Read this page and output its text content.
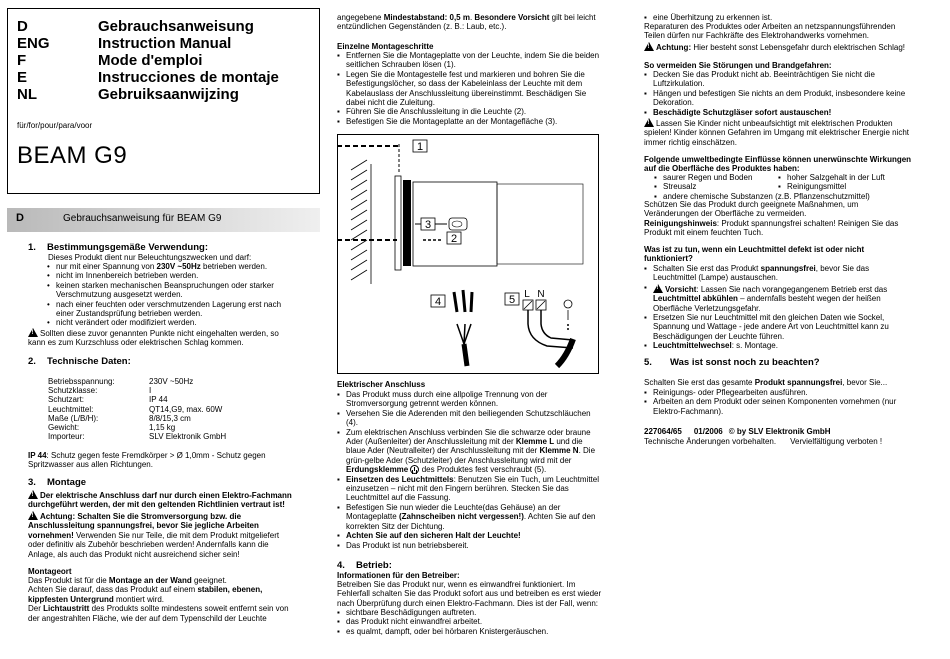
D	Gebrauchsanweisung
ENG	Instruction Manual
F	Mode d'emploi
E	Instrucciones de montaje
NL	Gebruiksaanwijzing
für/for/pour/para/voor
BEAM G9
D	Gebrauchsanweisung für BEAM G9
1. Bestimmungsgemäße Verwendung:
Dieses Produkt dient nur Beleuchtungszwecken und darf:
• nur mit einer Spannung von 230V ~50Hz betrieben werden.
• nicht im Innenbereich betrieben werden.
• keinen starken mechanischen Beanspruchungen oder starker
Verschmutzung ausgesetzt werden.
• nach einer feuchten oder verschmutzenden Lagerung erst nach
einer Zustandsprüfung betrieben werden.
• nicht verändert oder modifiziert werden.
!Sollten diese zuvor genannten Punkte nicht eingehalten werden, so
kann es zum Kurzschluss oder elektrischen Schlag kommen.
2. Technische Daten:
Betriebsspannung:	230V ~50Hz
Schutzklasse:	I
Schutzart:	IP 44
Leuchtmittel:	QT14,G9, max. 60W
Maße (L/B/H):	8/8/15,3 cm
Gewicht:	1,15 kg
Importeur:	SLV Elektronik GmbH
IP 44: Schutz gegen feste Fremdkörper > Ø 1,0mm - Schutz gegen
Spritzwasser aus allen Richtungen.
3. Montage
!Der elektrische Anschluss darf nur durch einen Elektro-Fachmann
durchgeführt werden, der mit den geltenden Richtlinien vertraut ist!
!Achtung: Schalten Sie die Stromversorgung bzw. die
Anschlussleitung spannungsfrei, bevor Sie jegliche Arbeiten
vornehmen! Verwenden Sie nur Teile, die mit dem Produkt mitgeliefert
oder definitiv als Zubehör beschrieben werden! Andernfalls kann die
Anlage, als auch das Produkt nicht ausreichend sicher sein!
Montageort
Das Produkt ist für die Montage an der Wand geeignet.
Achten Sie darauf, dass das Produkt auf einem stabilen, ebenen,
kippfesten Untergrund montiert wird.
Der Lichtaustritt des Produkts sollte mindestens soweit entfernt sein von
der angestrahlten Fläche, wie der auf dem Typenschild der Leuchte
angegebene Mindestabstand: 0,5 m. Besondere Vorsicht gilt bei leicht
entzündlichen Gegenständen (z. B.: Laub, etc.).
Einzelne Montageschritte
▪ Entfernen Sie die Montageplatte von der Leuchte, indem Sie die beiden
seitlichen Schrauben lösen (1).
▪ Legen Sie die Montagestelle fest und markieren und bohren Sie die
Befestigungslöcher, so dass der Kabeleinlass der Leuchte mit dem
Kabelauslass der Anschlussleitung übereinstimmt. Beschädigen Sie
dabei nicht die Zuleitung.
▪ Führen Sie die Anschlussleitung in die Leuchte (2).
▪ Befestigen Sie die Montageplatte an der Montagefläche (3).
1
3
2
4	5 L N
Elektrischer Anschluss
▪ Das Produkt muss durch eine allpolige Trennung von der
Stromversorgung getrennt werden können.
▪ Versehen Sie die Aderenden mit den beiliegenden Schutzschläuchen
(4).
▪ Zum elektrischen Anschluss verbinden Sie die schwarze oder braune
Ader (Außenleiter) der Anschlussleitung mit der Klemme L und die
blaue Ader (Neutralleiter) der Anschlussleitung mit der Klemme N. Die
grün-gelbe Ader (Schutzleiter) der Anschlussleitung wird mit der
Erdungsklemme  des Produktes fest verschraubt (5).
▪ Einsetzen des Leuchtmittels: Benutzen Sie ein Tuch, um Leuchtmittel
einzusetzen – nicht mit den Fingern berühren. Stecken Sie das
Leuchtmittel auf die Fassung.
▪ Befestigen Sie nun wieder die Leuchte(das Gehäuse) an der
Montageplatte (Zahnscheiben nicht vergessen!). Achten Sie auf den
korrekten Sitz der Dichtung.
▪ Achten Sie auf den sicheren Halt der Leuchte!
▪ Das Produkt ist nun betriebsbereit.
4. Betrieb:
Informationen für den Betreiber:
Betreiben Sie das Produkt nur, wenn es einwandfrei funktioniert. Im
Fehlerfall schalten Sie das Produkt sofort aus und betreiben es erst wieder
nach Überprüfung durch einen Elektro-Fachmann. Dies ist der Fall, wenn:
▪ sichtbare Beschädigungen auftreten.
▪ das Produkt nicht einwandfrei arbeitet.
▪ es qualmt, dampft, oder bei hörbaren Knistergeräuschen.
▪ eine Überhitzung zu erkennen ist.
Reparaturen des Produktes oder Arbeiten an netzspannungsführenden
Teilen dürfen nur Fachkräfte des Elektrohandwerks vornehmen.
!Achtung: Hier besteht sonst Lebensgefahr durch elektrischen Schlag!
So vermeiden Sie Störungen und Brandgefahren:
▪ Decken Sie das Produkt nicht ab. Beeinträchtigen Sie nicht die
Luftzirkulation.
▪ Hängen und befestigen Sie nichts an dem Produkt, insbesondere keine
Dekoration.
▪ Beschädigte Schutzgläser sofort austauschen!
!Lassen Sie Kinder nicht unbeaufsichtigt mit elektrischen Produkten
spielen! Kinder können Gefahren im Umgang mit elektrischer Energie nicht
immer richtig einschätzen.
Folgende umweltbedingte Einflüsse können unerwünschte Wirkungen
auf die Oberfläche des Produktes haben:
▪ saurer Regen und Boden
▪ Streusalz
▪ andere chemische Substanzen (z.B. Pflanzenschutzmittel)
▪ hoher Salzgehalt in der Luft
▪ Reinigungsmittel
Schützen Sie das Produkt durch geeignete Maßnahmen, um
Veränderungen der Oberfläche zu vermeiden.
Reinigungshinweis: Produkt spannungsfrei schalten! Reinigen Sie das
Produkt mit einem feuchten Tuch.
Was ist zu tun, wenn ein Leuchtmittel defekt ist oder nicht
funktioniert?
▪ Schalten Sie erst das Produkt spannungsfrei, bevor Sie das
Leuchtmittel (Lampe) austauschen.
!▪ Vorsicht: Lassen Sie nach vorangegangenem Betrieb erst das
Leuchtmittel abkühlen – andernfalls besteht wegen der heißen
Oberfläche Verletzungsgefahr.
▪ Ersetzen Sie nur Leuchtmittel mit den gleichen Daten wie Sockel,
Spannung und Wattage - jede andere Art von Leuchtmittel kann zu
Beschädigungen der Leuchte führen.
▪ Leuchtmittelwechsel: s. Montage.
5. Was ist sonst noch zu beachten?
Schalten Sie erst das gesamte Produkt spannungsfrei, bevor Sie...
▪ Reinigungs- oder Pflegearbeiten ausführen.
▪ Arbeiten an dem Produkt oder seinen Komponenten vornehmen (nur
Elektro-Fachmann).
227064/65 01/2006 © by SLV Elektronik GmbH
Technische Änderungen vorbehalten. Vervielfältigung verboten !
